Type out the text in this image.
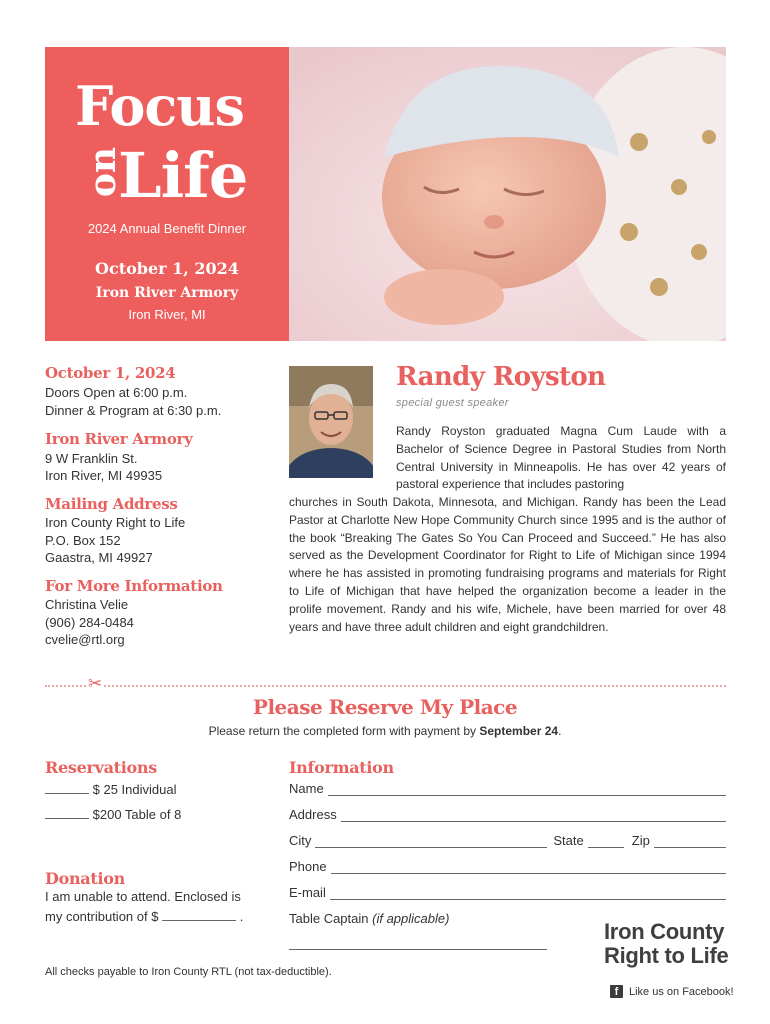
Focus
on
Life
2024 Annual Benefit Dinner
October 1, 2024
Iron River Armory
Iron River, MI
October 1, 2024
Doors Open at 6:00 p.m.
Dinner & Program at 6:30 p.m.
Iron River Armory
9 W Franklin St.
Iron River, MI 49935
Mailing Address
Iron County Right to Life
P.O. Box 152
Gaastra, MI 49927
For More Information
Christina Velie
(906) 284-0484
cvelie@rtl.org
Randy Royston
special guest speaker
Randy Royston graduated Magna Cum Laude with a Bachelor of Science Degree in Pastoral Studies from North Central University in Minneapolis. He has over 42 years of pastoral experience that includes pastoring
churches in South Dakota, Minnesota, and Michigan. Randy has been the Lead Pastor at Charlotte New Hope Community Church since 1995 and is the author of the book “Breaking The Gates So You Can Proceed and Succeed.” He has also served as the Development Coordinator for Right to Life of Michigan since 1994 where he has assisted in promoting fundraising programs and materials for Right to Life of Michigan that have helped the organization become a leader in the prolife movement. Randy and his wife, Michele, have been married for over 48 years and have three adult children and eight grandchildren.
✂
Please Reserve My Place
Please return the completed form with payment by September 24.
Reservations
$ 25 Individual
$200 Table of 8
Donation
I am unable to attend. Enclosed is
my contribution of $	.
Information
Name
Address
City	State	Zip
Phone
E-mail
Table Captain (if applicable)
All checks payable to Iron County RTL (not tax-deductible).
Iron County
Right to Life
f Like us on Facebook!
